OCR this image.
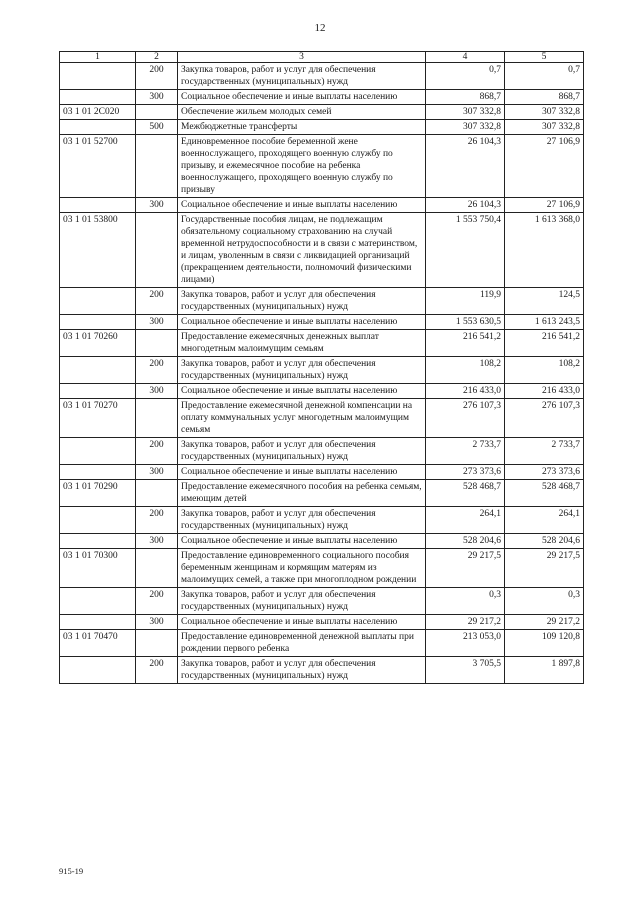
12
1	2	3	4	5
	200	Закупка товаров, работ и услуг для обеспечения государственных (муниципальных) нужд	0,7	0,7
	300	Социальное обеспечение и иные выплаты населению	868,7	868,7
03 1 01 2C020		Обеспечение жильем молодых семей	307 332,8	307 332,8
	500	Межбюджетные трансферты	307 332,8	307 332,8
03 1 01 52700		Единовременное пособие беременной жене военнослужащего, проходящего военную службу по призыву, и ежемесячное пособие на ребенка военнослужащего, проходящего военную службу по призыву	26 104,3	27 106,9
	300	Социальное обеспечение и иные выплаты населению	26 104,3	27 106,9
03 1 01 53800		Государственные пособия лицам, не подлежащим обязательному социальному страхованию на случай временной нетрудоспособности и в связи с материнством, и лицам, уволенным в связи с ликвидацией организаций (прекращением деятельности, полномочий физическими лицами)	1 553 750,4	1 613 368,0
	200	Закупка товаров, работ и услуг для обеспечения государственных (муниципальных) нужд	119,9	124,5
	300	Социальное обеспечение и иные выплаты населению	1 553 630,5	1 613 243,5
03 1 01 70260		Предоставление ежемесячных денежных выплат многодетным малоимущим семьям	216 541,2	216 541,2
	200	Закупка товаров, работ и услуг для обеспечения государственных (муниципальных) нужд	108,2	108,2
	300	Социальное обеспечение и иные выплаты населению	216 433,0	216 433,0
03 1 01 70270		Предоставление ежемесячной денежной компенсации на оплату коммунальных услуг многодетным малоимущим семьям	276 107,3	276 107,3
	200	Закупка товаров, работ и услуг для обеспечения государственных (муниципальных) нужд	2 733,7	2 733,7
	300	Социальное обеспечение и иные выплаты населению	273 373,6	273 373,6
03 1 01 70290		Предоставление ежемесячного пособия на ребенка семьям, имеющим детей	528 468,7	528 468,7
	200	Закупка товаров, работ и услуг для обеспечения государственных (муниципальных) нужд	264,1	264,1
	300	Социальное обеспечение и иные выплаты населению	528 204,6	528 204,6
03 1 01 70300		Предоставление единовременного социального пособия беременным женщинам и кормящим матерям из малоимущих семей, а также при многоплодном рождении	29 217,5	29 217,5
	200	Закупка товаров, работ и услуг для обеспечения государственных (муниципальных) нужд	0,3	0,3
	300	Социальное обеспечение и иные выплаты населению	29 217,2	29 217,2
03 1 01 70470		Предоставление единовременной денежной выплаты при рождении первого ребенка	213 053,0	109 120,8
	200	Закупка товаров, работ и услуг для обеспечения государственных (муниципальных) нужд	3 705,5	1 897,8
915-19
